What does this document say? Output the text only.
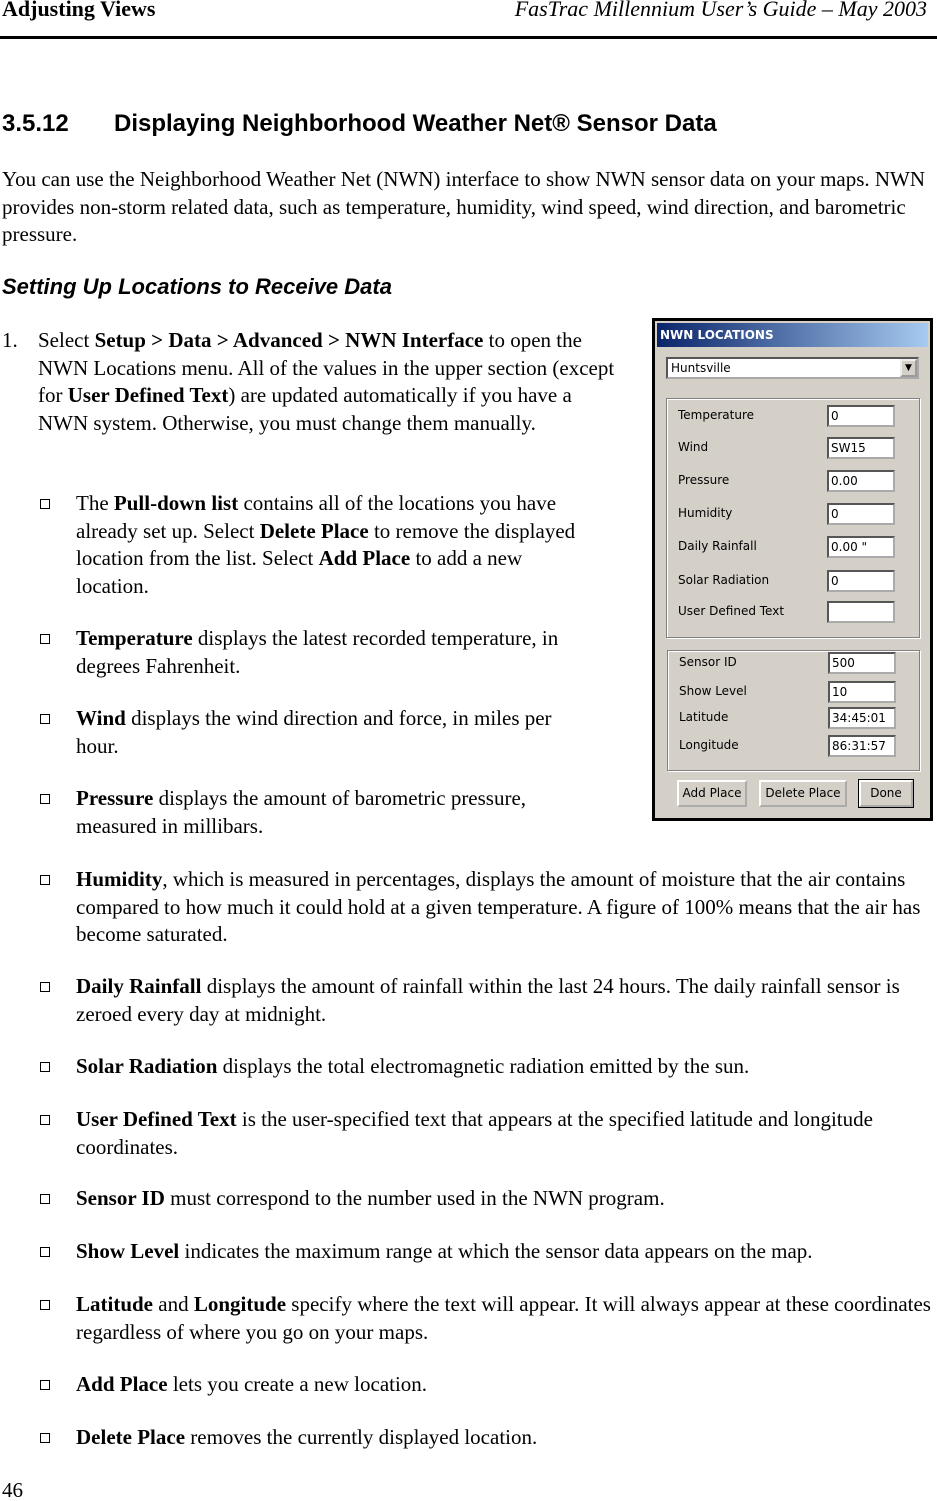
Adjusting Views	FasTrac Millennium User’s Guide – May 2003
3.5.12 Displaying Neighborhood Weather Net® Sensor Data
You can use the Neighborhood Weather Net (NWN) interface to show NWN sensor data on your maps. NWN provides non-storm related data, such as temperature, humidity, wind speed, wind direction, and barometric pressure.
Setting Up Locations to Receive Data
1. Select Setup > Data > Advanced > NWN Interface to open the NWN Locations menu. All of the values in the upper section (except for User Defined Text) are updated automatically if you have a NWN system. Otherwise, you must change them manually.
The Pull-down list contains all of the locations you have already set up. Select Delete Place to remove the displayed location from the list. Select Add Place to add a new location.
Temperature displays the latest recorded temperature, in degrees Fahrenheit.
Wind displays the wind direction and force, in miles per hour.
Pressure displays the amount of barometric pressure, measured in millibars.
Humidity, which is measured in percentages, displays the amount of moisture that the air contains compared to how much it could hold at a given temperature. A figure of 100% means that the air has become saturated.
Daily Rainfall displays the amount of rainfall within the last 24 hours. The daily rainfall sensor is zeroed every day at midnight.
Solar Radiation displays the total electromagnetic radiation emitted by the sun.
User Defined Text is the user-specified text that appears at the specified latitude and longitude coordinates.
Sensor ID must correspond to the number used in the NWN program.
Show Level indicates the maximum range at which the sensor data appears on the map.
Latitude and Longitude specify where the text will appear. It will always appear at these coordinates regardless of where you go on your maps.
Add Place lets you create a new location.
Delete Place removes the currently displayed location.
NWN LOCATIONS
Huntsville	▼
Temperature	0
Wind	SW15
Pressure	0.00
Humidity	0
Daily Rainfall	0.00 "
Solar Radiation	0
User Defined Text
Sensor ID	500
Show Level	10
Latitude	34:45:01
Longitude	86:31:57
Add Place	Delete Place	Done
46
